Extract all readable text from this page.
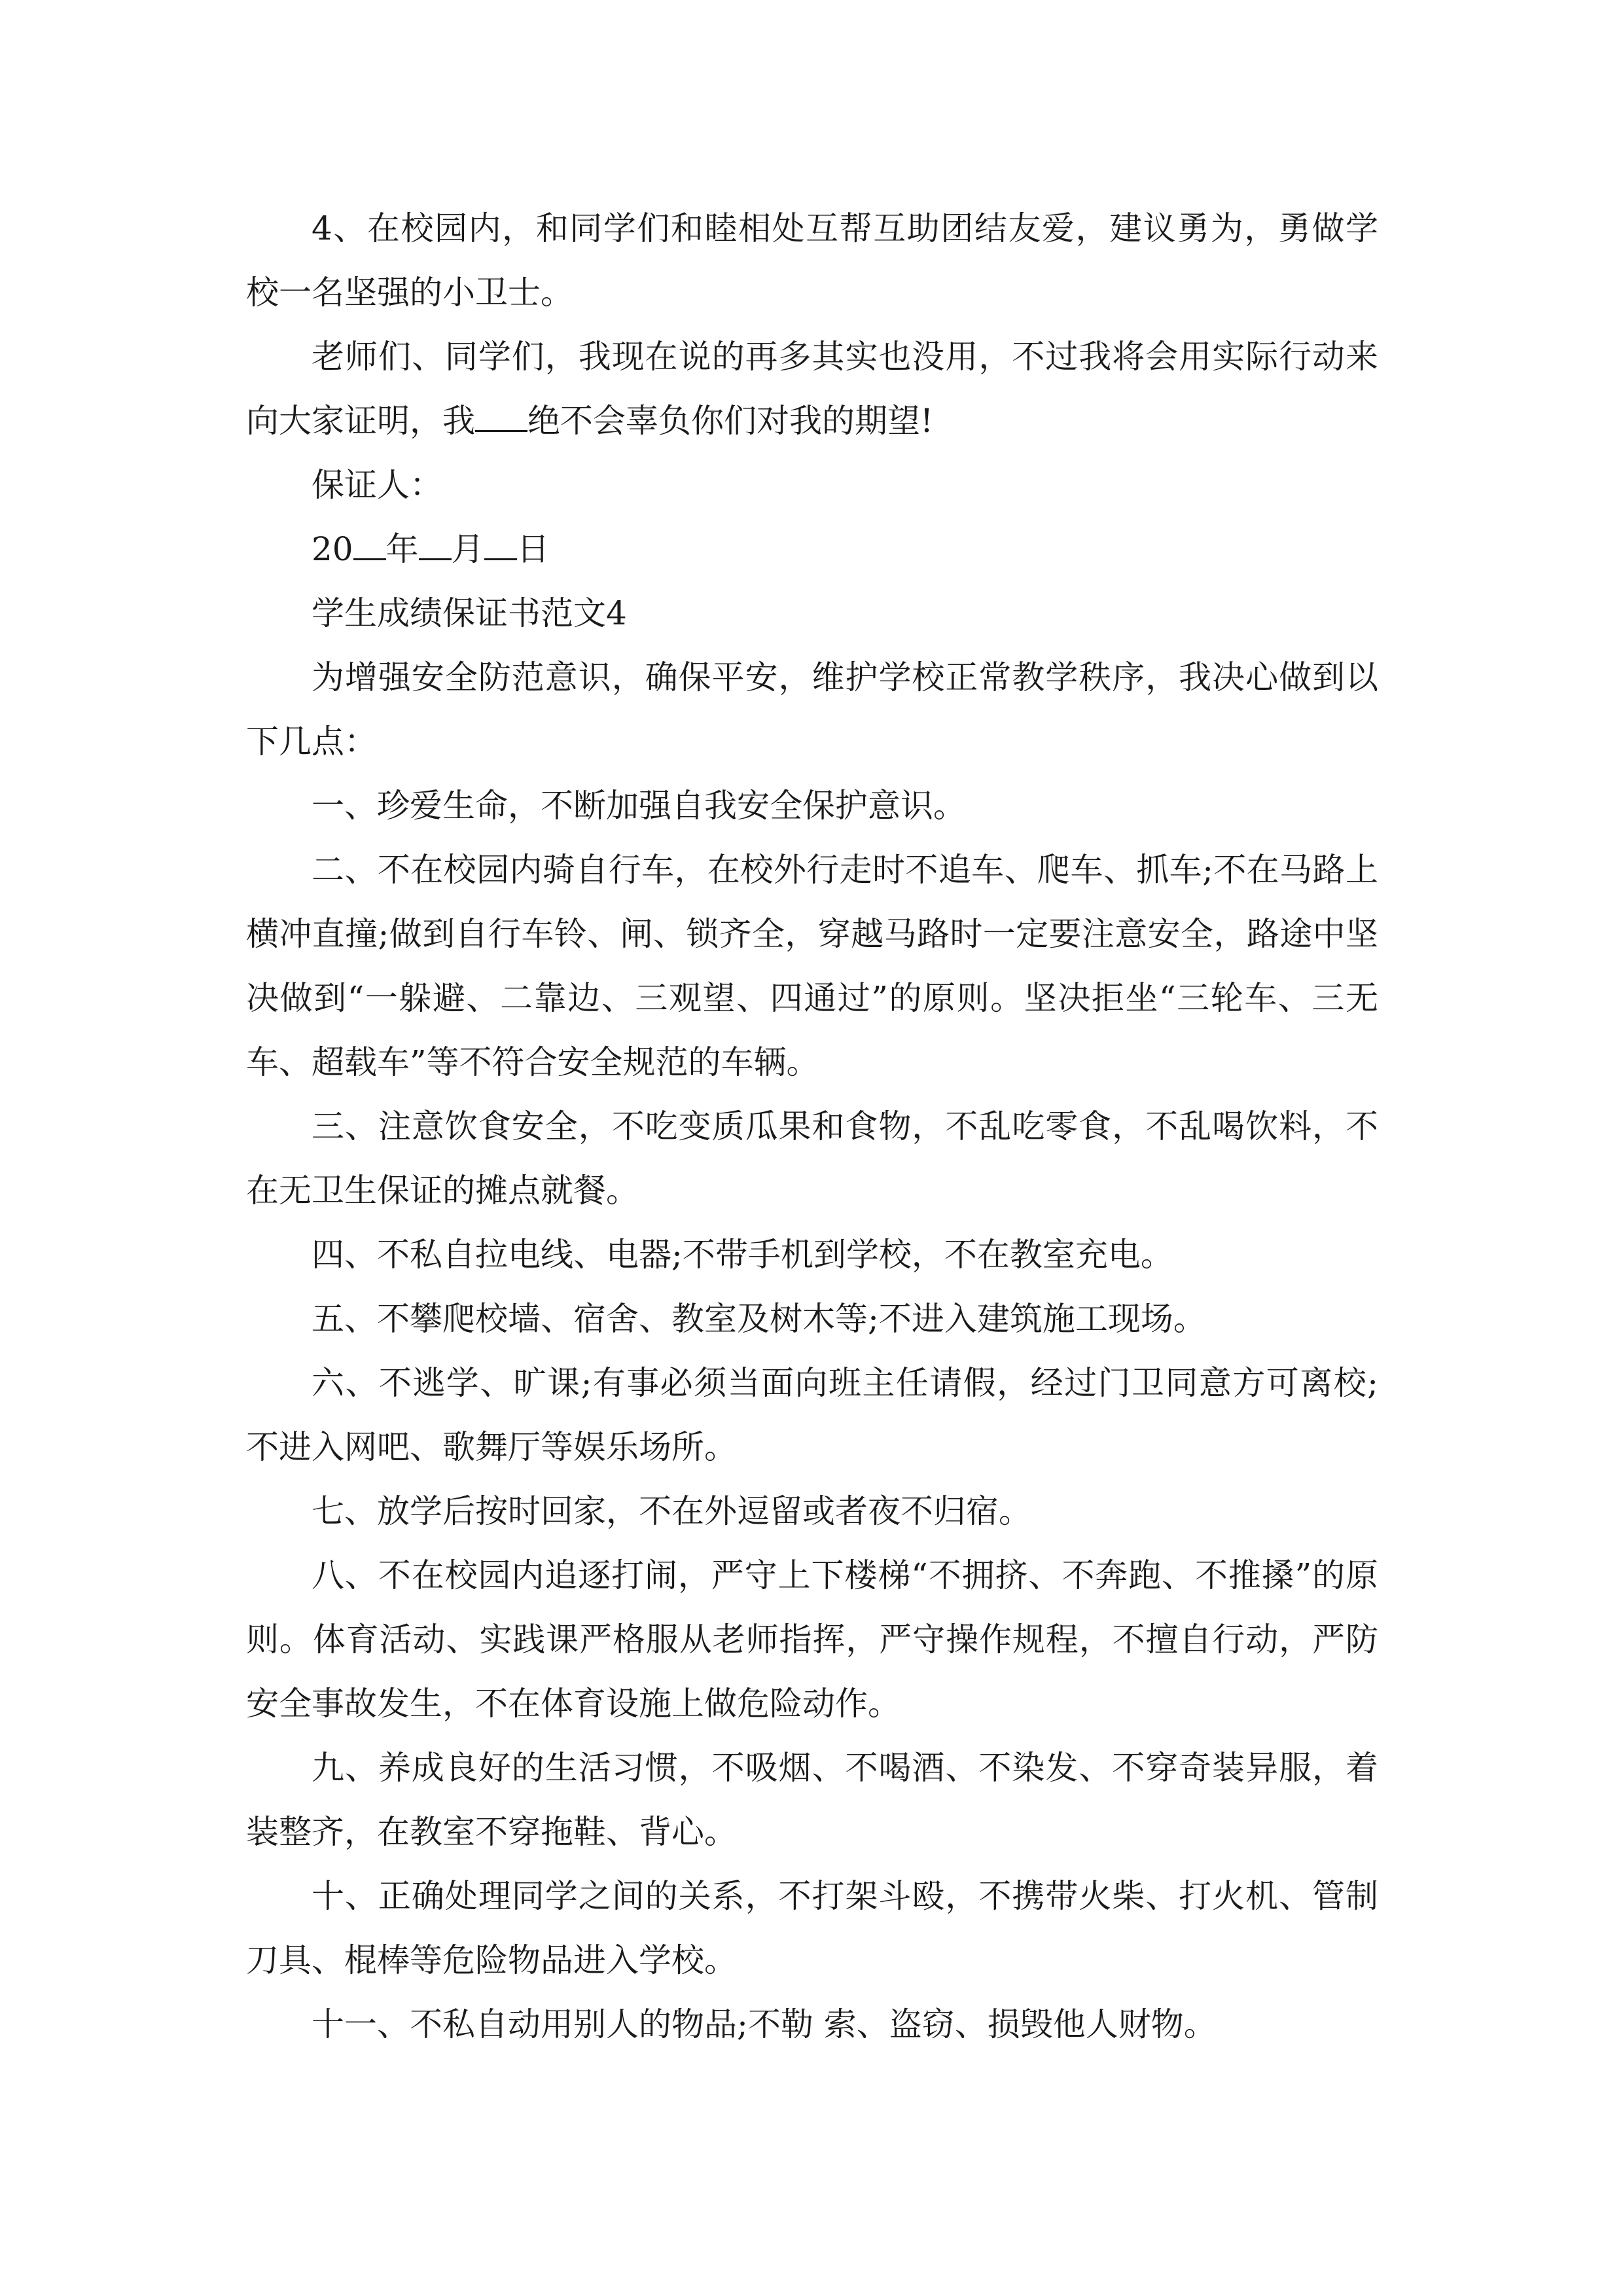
4、在校园内，和同学们和睦相处互帮互助团结友爱，建议勇为，勇做学校一名坚强的小卫士。

老师们、同学们，我现在说的再多其实也没用，不过我将会用实际行动来向大家证明，我 绝不会辜负你们对我的期望!

保证人：

20 年 月 日

学生成绩保证书范文4

为增强安全防范意识，确保平安，维护学校正常教学秩序，我决心做到以下几点：

一、珍爱生命，不断加强自我安全保护意识。

二、不在校园内骑自行车，在校外行走时不追车、爬车、抓车;不在马路上横冲直撞;做到自行车铃、闸、锁齐全，穿越马路时一定要注意安全，路途中坚决做到“一躲避、二靠边、三观望、四通过”的原则。坚决拒坐“三轮车、三无车、超载车”等不符合安全规范的车辆。

三、注意饮食安全，不吃变质瓜果和食物，不乱吃零食，不乱喝饮料，不在无卫生保证的摊点就餐。

四、不私自拉电线、电器;不带手机到学校，不在教室充电。

五、不攀爬校墙、宿舍、教室及树木等;不进入建筑施工现场。

六、不逃学、旷课;有事必须当面向班主任请假，经过门卫同意方可离校;不进入网吧、歌舞厅等娱乐场所。

七、放学后按时回家，不在外逗留或者夜不归宿。

八、不在校园内追逐打闹，严守上下楼梯“不拥挤、不奔跑、不推搡”的原则。体育活动、实践课严格服从老师指挥，严守操作规程，不擅自行动，严防安全事故发生，不在体育设施上做危险动作。

九、养成良好的生活习惯，不吸烟、不喝酒、不染发、不穿奇装异服，着装整齐，在教室不穿拖鞋、背心。

十、正确处理同学之间的关系，不打架斗殴，不携带火柴、打火机、管制刀具、棍棒等危险物品进入学校。

十一、不私自动用别人的物品;不勒 索、盗窃、损毁他人财物。
